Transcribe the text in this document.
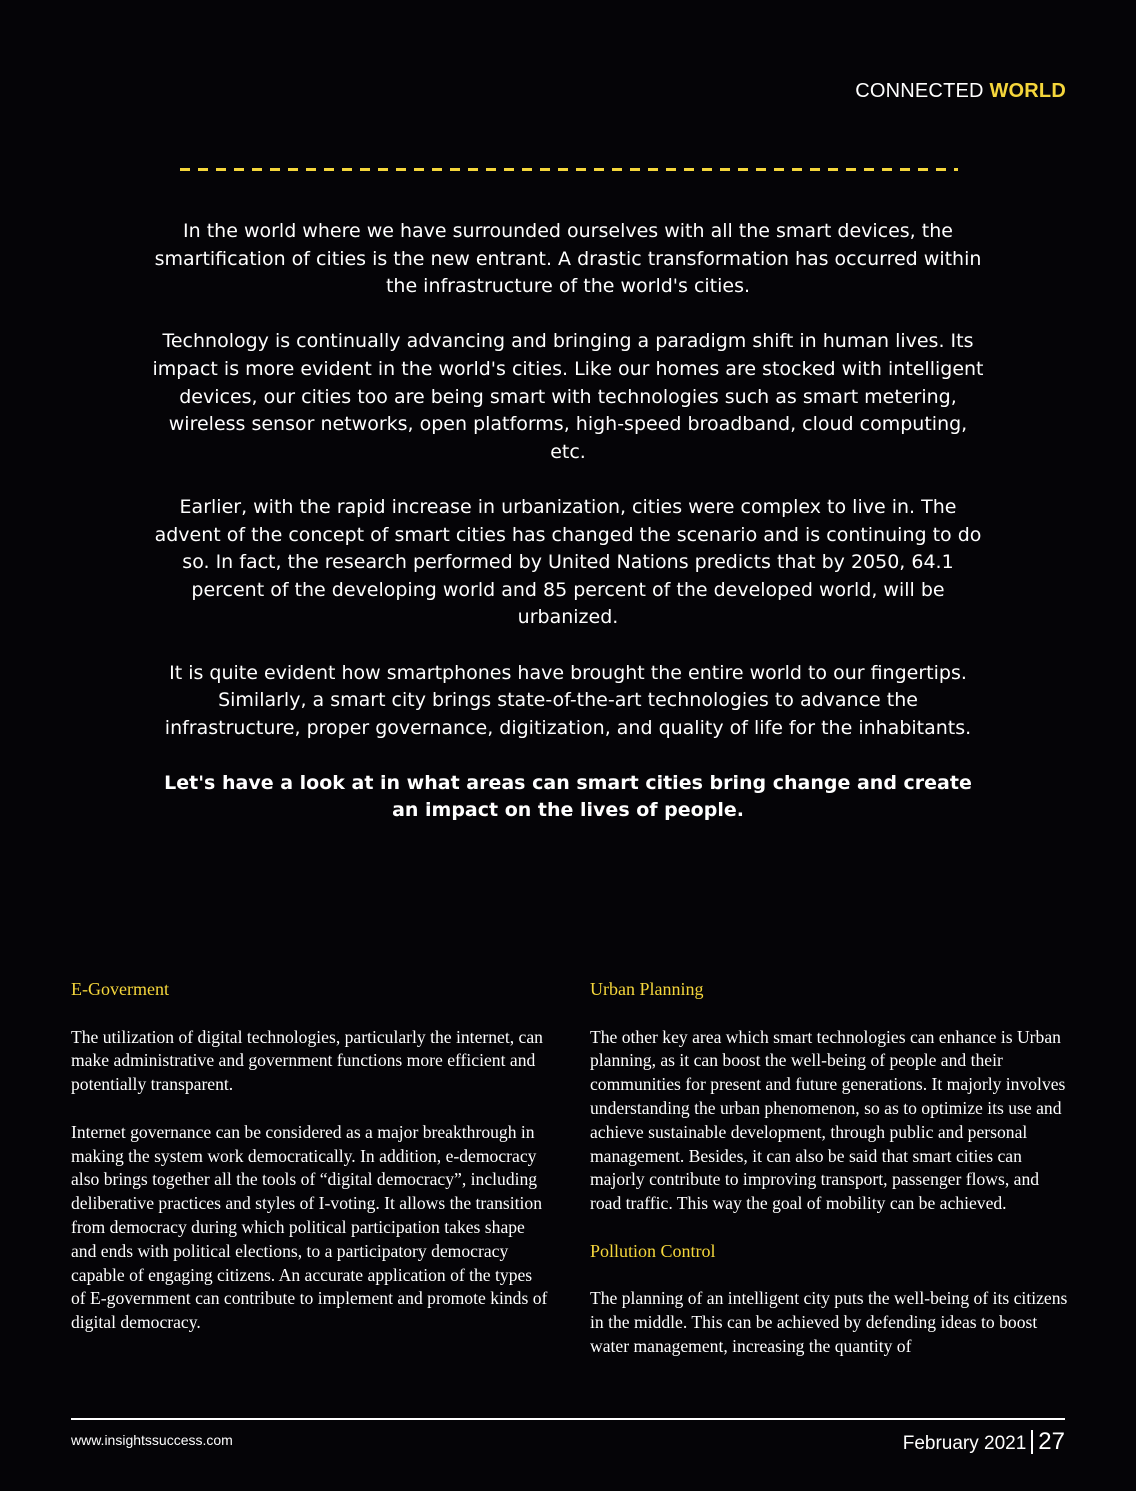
CONNECTED WORLD

In the world where we have surrounded ourselves with all the smart devices, the smartification of cities is the new entrant. A drastic transformation has occurred within the infrastructure of the world's cities.

Technology is continually advancing and bringing a paradigm shift in human lives. Its impact is more evident in the world's cities. Like our homes are stocked with intelligent devices, our cities too are being smart with technologies such as smart metering, wireless sensor networks, open platforms, high-speed broadband, cloud computing, etc.

Earlier, with the rapid increase in urbanization, cities were complex to live in. The advent of the concept of smart cities has changed the scenario and is continuing to do so. In fact, the research performed by United Nations predicts that by 2050, 64.1 percent of the developing world and 85 percent of the developed world, will be urbanized.

It is quite evident how smartphones have brought the entire world to our fingertips. Similarly, a smart city brings state-of-the-art technologies to advance the infrastructure, proper governance, digitization, and quality of life for the inhabitants.

Let's have a look at in what areas can smart cities bring change and create an impact on the lives of people.

E-Goverment

The utilization of digital technologies, particularly the internet, can make administrative and government functions more efficient and potentially transparent.

Internet governance can be considered as a major breakthrough in making the system work democratically. In addition, e-democracy also brings together all the tools of “digital democracy”, including deliberative practices and styles of I-voting. It allows the transition from democracy during which political participation takes shape and ends with political elections, to a participatory democracy capable of engaging citizens. An accurate application of the types of E-government can contribute to implement and promote kinds of digital democracy.

Urban Planning

The other key area which smart technologies can enhance is Urban planning, as it can boost the well-being of people and their communities for present and future generations. It majorly involves understanding the urban phenomenon, so as to optimize its use and achieve sustainable development, through public and personal management. Besides, it can also be said that smart cities can majorly contribute to improving transport, passenger flows, and road traffic. This way the goal of mobility can be achieved.

Pollution Control

The planning of an intelligent city puts the well-being of its citizens in the middle. This can be achieved by defending ideas to boost water management, increasing the quantity of

www.insightssuccess.com	February 2021 27
